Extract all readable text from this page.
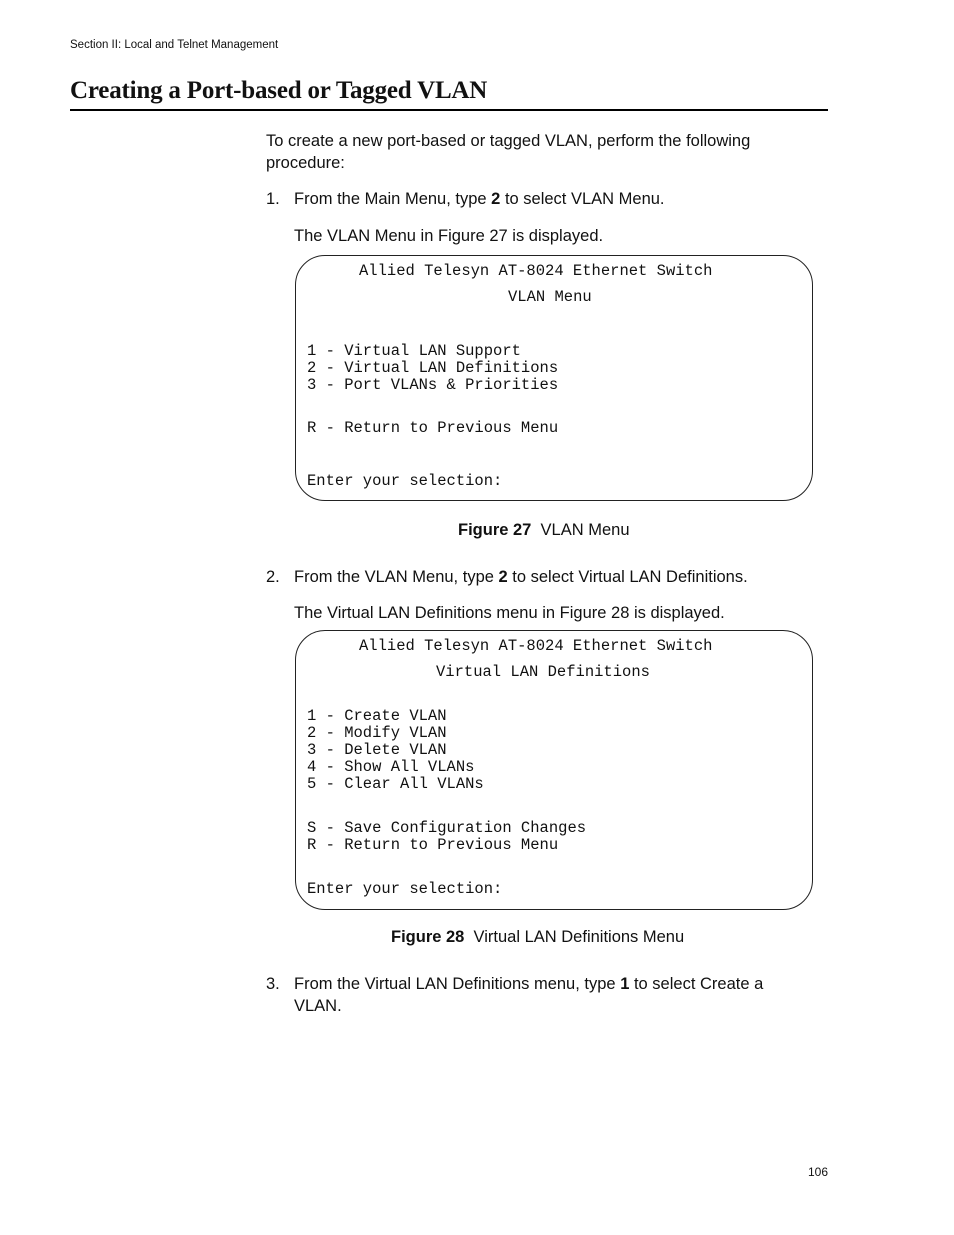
Section II: Local and Telnet Management
Creating a Port-based or Tagged VLAN
To create a new port-based or tagged VLAN, perform the following procedure:
1. From the Main Menu, type 2 to select VLAN Menu.
The VLAN Menu in Figure 27 is displayed.
Allied Telesyn AT-8024 Ethernet Switch
VLAN Menu
1 - Virtual LAN Support
2 - Virtual LAN Definitions
3 - Port VLANs & Priorities
R - Return to Previous Menu
Enter your selection:
Figure 27 VLAN Menu
2. From the VLAN Menu, type 2 to select Virtual LAN Definitions.
The Virtual LAN Definitions menu in Figure 28 is displayed.
Allied Telesyn AT-8024 Ethernet Switch
Virtual LAN Definitions
1 - Create VLAN
2 - Modify VLAN
3 - Delete VLAN
4 - Show All VLANs
5 - Clear All VLANs
S - Save Configuration Changes
R - Return to Previous Menu
Enter your selection:
Figure 28 Virtual LAN Definitions Menu
3. From the Virtual LAN Definitions menu, type 1 to select Create a VLAN.
106
